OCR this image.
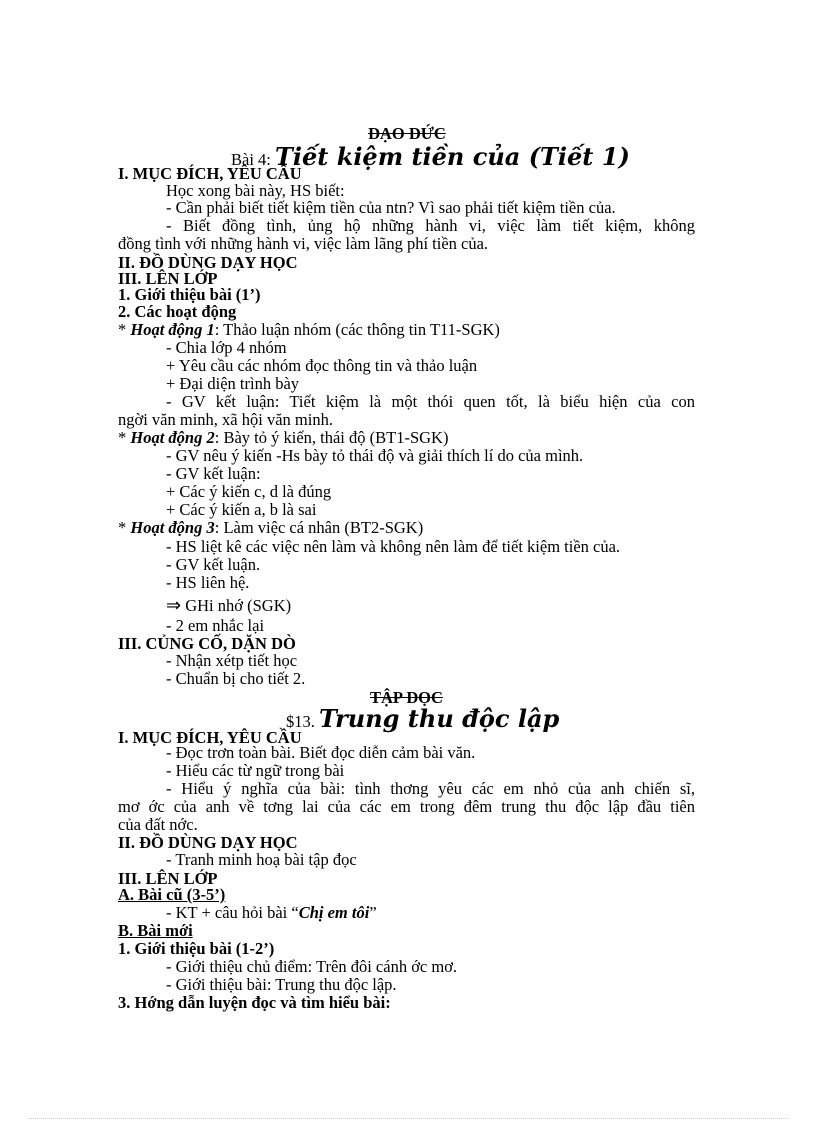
ĐẠO ĐỨC
Bài 4: Tiết kiệm tiền của (Tiết 1)
I. MỤC ĐÍCH, YÊU CẦU
Học xong bài này, HS biết:
- Cần phải biết tiết kiệm tiền của ntn? Vì sao phải tiết kiệm tiền của.
- Biết đồng tình, ủng hộ những hành vi, việc làm tiết kiệm, không
đồng tình với những hành vi, việc làm lãng phí tiền của.
II. ĐỒ DÙNG DẠY HỌC
III. LÊN LỚP
1. Giới thiệu bài (1’)
2. Các hoạt động
* Hoạt động 1: Thảo luận nhóm (các thông tin T11-SGK)
- Chia lớp 4 nhóm
+ Yêu cầu các nhóm đọc thông tin và thảo luận
+ Đại diện trình bày
- GV kết luận: Tiết kiệm là một thói quen tốt, là biểu hiện của con
ngời văn minh, xã hội văn minh.
* Hoạt động 2: Bày tỏ ý kiến, thái độ (BT1-SGK)
- GV nêu ý kiến -Hs bày tỏ thái độ và giải thích lí do của mình.
- GV kết luận:
+ Các ý kiến c, d là đúng
+ Các ý kiến a, b là sai
* Hoạt động 3: Làm việc cá nhân (BT2-SGK)
- HS liệt kê các việc nên làm và không nên làm để tiết kiệm tiền của.
- GV kết luận.
- HS liên hệ.
⇒ GHi nhớ (SGK)
- 2 em nhắc lại
III. CỦNG CỐ, DẶN DÒ
- Nhận xétp tiết học
- Chuẩn bị cho tiết 2.
TẬP ĐỌC
$13. Trung thu độc lập
I. MỤC ĐÍCH, YÊU CẦU
- Đọc trơn toàn bài. Biết đọc diễn cảm bài văn.
- Hiểu các từ ngữ trong bài
- Hiểu ý nghĩa của bài: tình thơng yêu các em nhỏ của anh chiến sĩ,
mơ ớc của anh về tơng lai của các em trong đêm trung thu độc lập đầu tiên
của đất nớc.
II. ĐỒ DÙNG DẠY HỌC
- Tranh minh hoạ bài tập đọc
III. LÊN LỚP
A. Bài cũ (3-5’)
- KT + câu hỏi bài “Chị em tôi”
B. Bài mới
1. Giới thiệu bài (1-2’)
- Giới thiệu chủ điểm: Trên đôi cánh ớc mơ.
- Giới thiệu bài: Trung thu độc lập.
3. Hớng dẫn luyện đọc và tìm hiểu bài:
